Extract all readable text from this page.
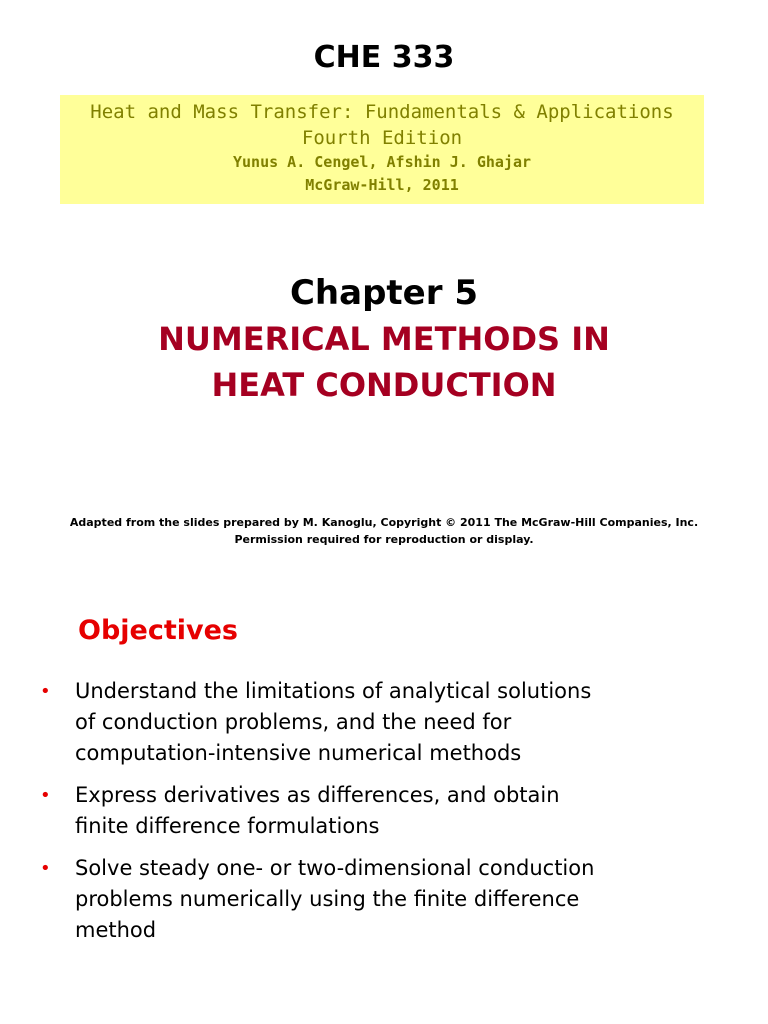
CHE 333
Heat and Mass Transfer: Fundamentals & Applications
Fourth Edition
Yunus A. Cengel, Afshin J. Ghajar
McGraw-Hill, 2011
Chapter 5
NUMERICAL METHODS IN
HEAT CONDUCTION
Adapted from the slides prepared by M. Kanoglu, Copyright © 2011 The McGraw-Hill Companies, Inc.
Permission required for reproduction or display.
Objectives
• Understand the limitations of analytical solutions
of conduction problems, and the need for
computation-intensive numerical methods
• Express derivatives as differences, and obtain
finite difference formulations
• Solve steady one- or two-dimensional conduction
problems numerically using the finite difference
method
